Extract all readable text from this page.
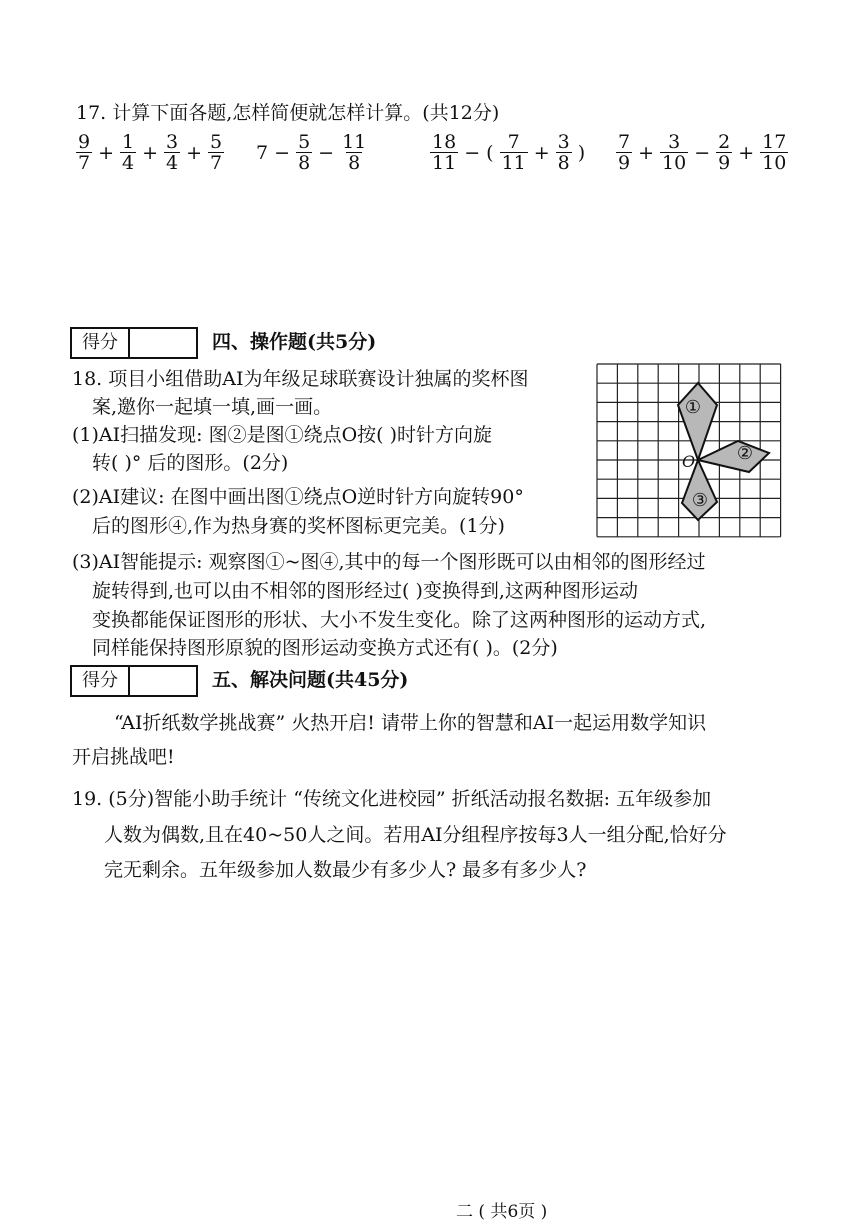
17. 计算下面各题,怎样简便就怎样计算。(共12分)
$\frac{9}{7} + \frac{1}{4} + \frac{3}{4} + \frac{5}{7} 7 - \frac{5}{8} - \frac{11}{8}$	$\frac{18}{11}$ − ( $\frac{7}{11} + \frac{3}{8}$ ) $\frac{7}{9} + \frac{3}{10} - \frac{2}{9} + \frac{17}{10}$
得分	四、操作题(共5分)
18. 项目小组借助AI为年级足球联赛设计独属的奖杯图
案,邀你一起填一填,画一画。
(1)AI扫描发现: 图②是图①绕点O按( )时针方向旋
转( )° 后的图形。(2分)
(2)AI建议: 在图中画出图①绕点O逆时针方向旋转90°
后的图形④,作为热身赛的奖杯图标更完美。(1分)
(3)AI智能提示: 观察图①~图④,其中的每一个图形既可以由相邻的图形经过
旋转得到,也可以由不相邻的图形经过( )变换得到,这两种图形运动
变换都能保证图形的形状、大小不发生变化。除了这两种图形的运动方式,
同样能保持图形原貌的图形运动变换方式还有( )。(2分)
O
①
②
③
得分	五、解决问题(共45分)
“AI折纸数学挑战赛” 火热开启! 请带上你的智慧和AI一起运用数学知识
开启挑战吧!
19. (5分)智能小助手统计 “传统文化进校园” 折纸活动报名数据: 五年级参加
人数为偶数,且在40~50人之间。若用AI分组程序按每3人一组分配,恰好分
完无剩余。五年级参加人数最少有多少人? 最多有多少人?
二 ( 共6页 )
